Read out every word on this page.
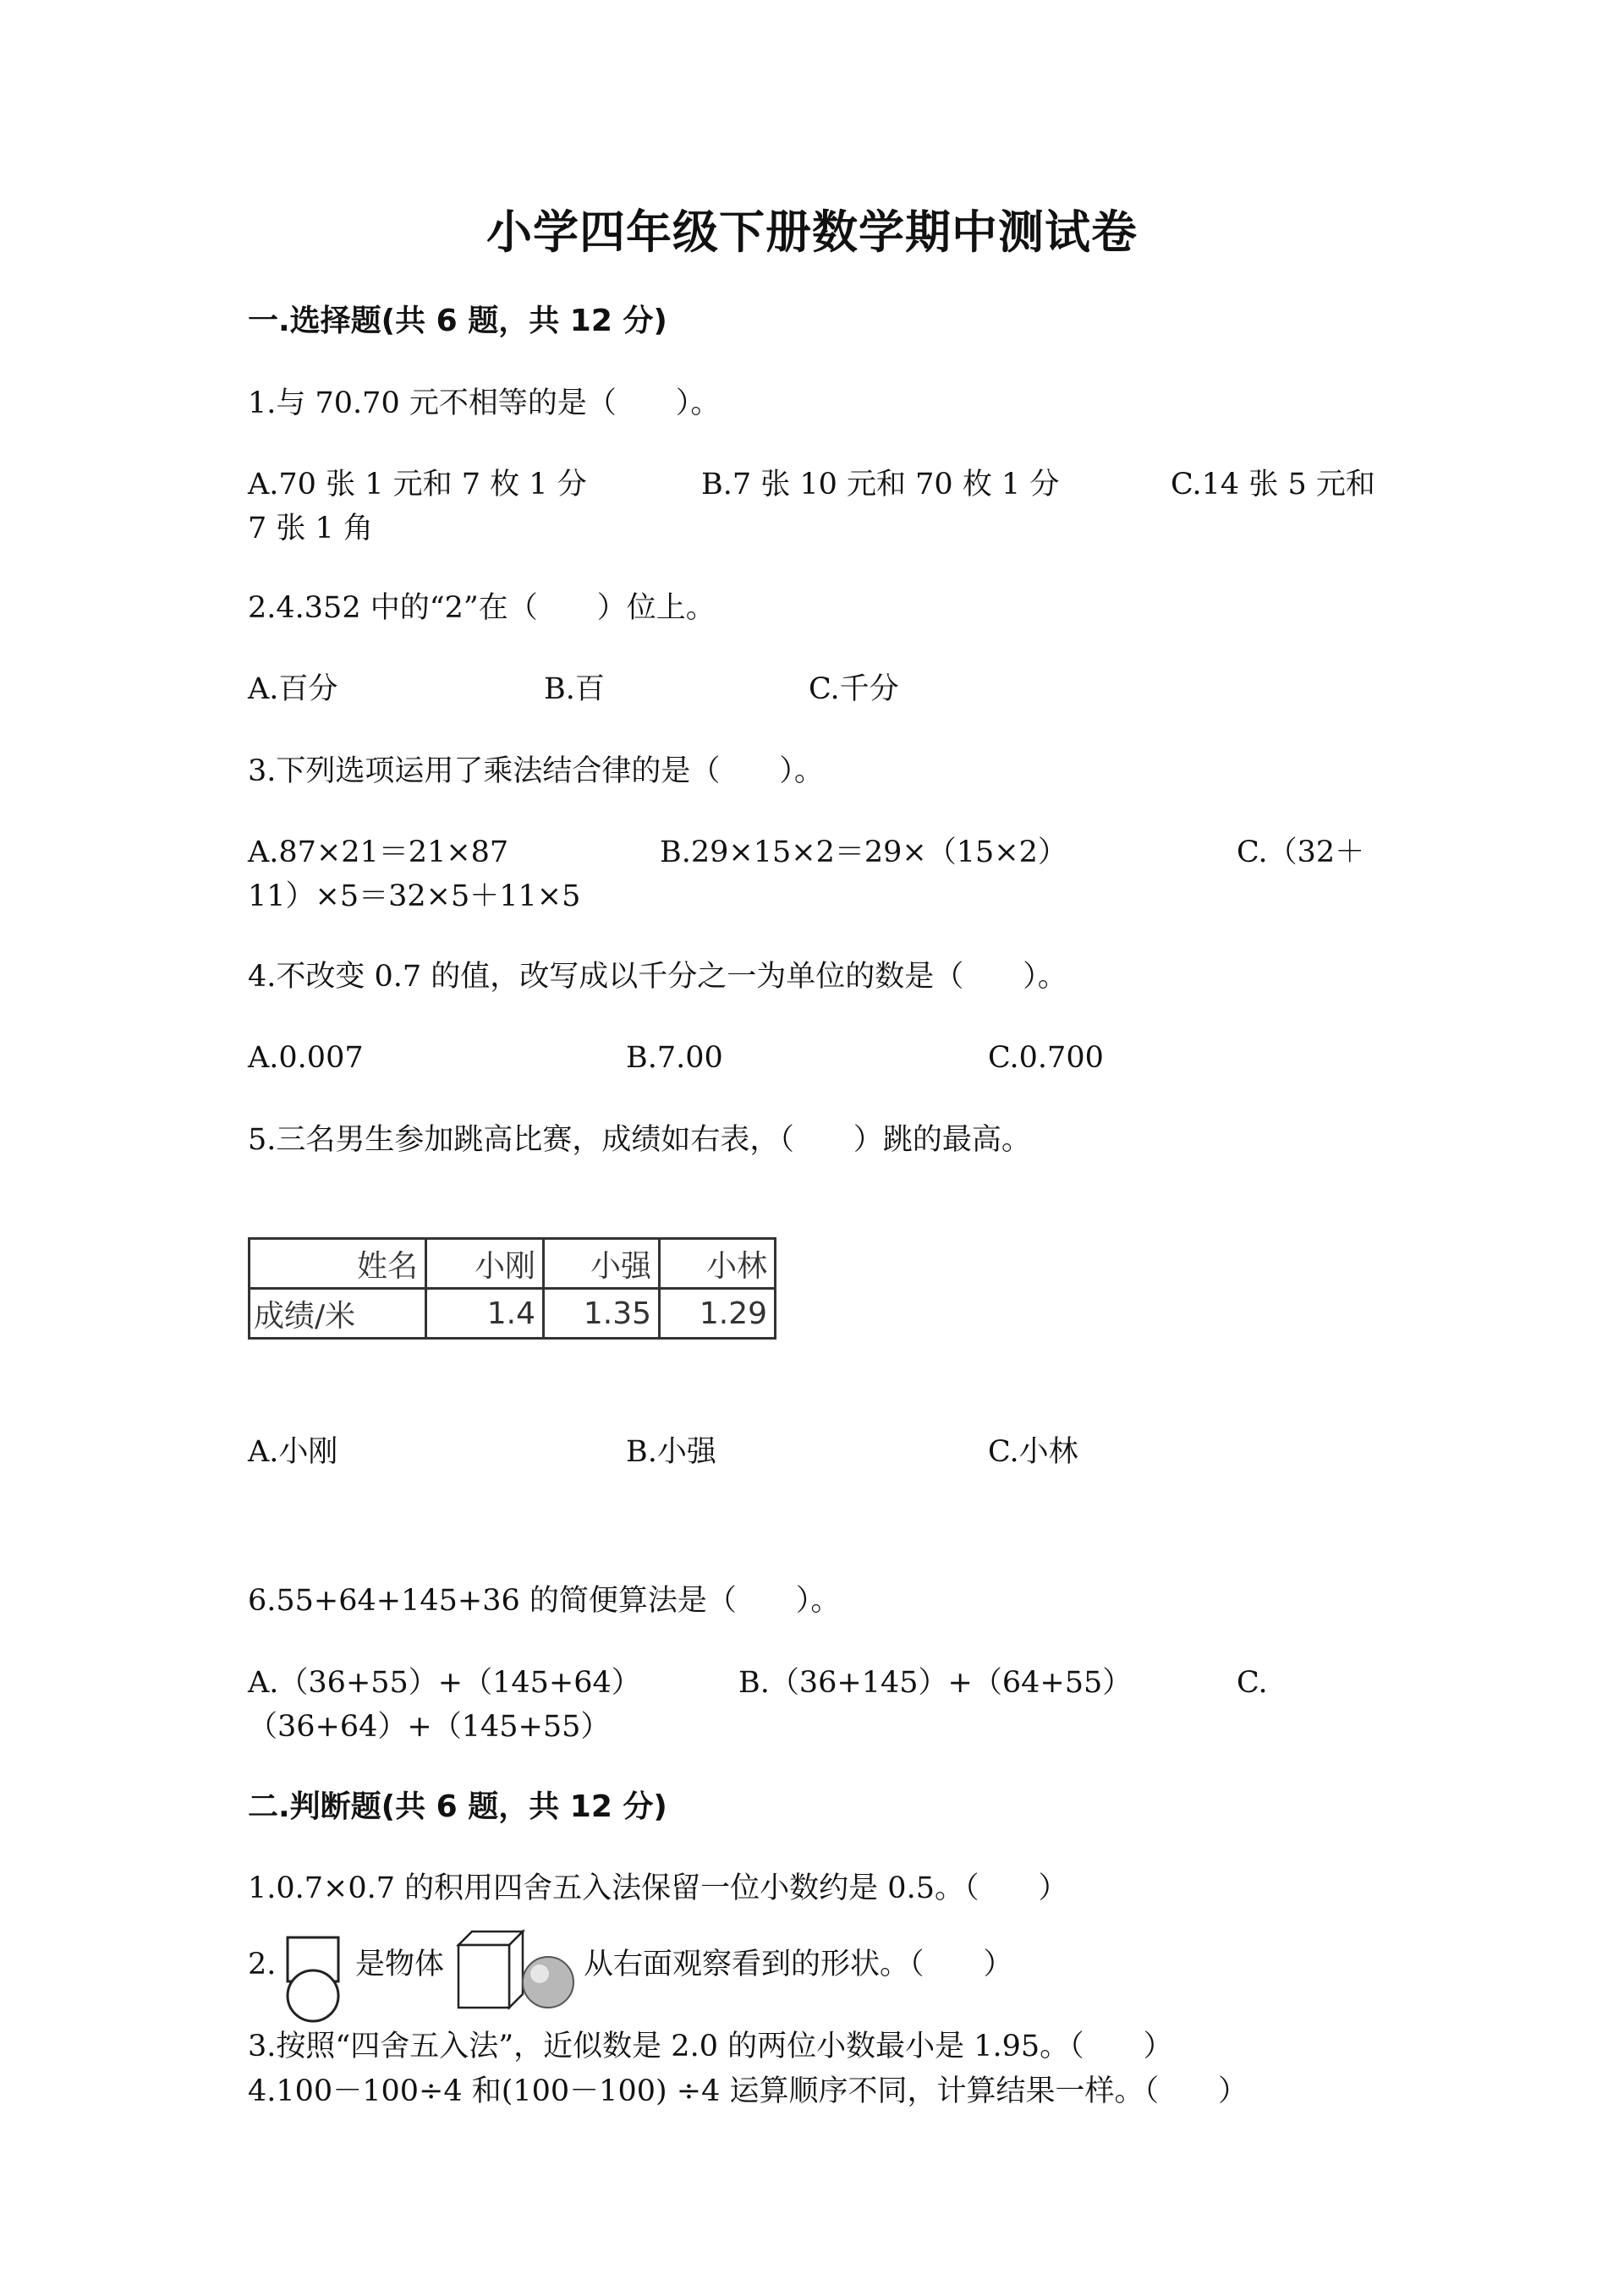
小学四年级下册数学期中测试卷
一.选择题(共 6 题，共 12 分)
1.与 70.70 元不相等的是（　　）。
A.70 张 1 元和 7 枚 1 分	B.7 张 10 元和 70 枚 1 分	C.14 张 5 元和
7 张 1 角
2.4.352 中的“2”在（　　）位上。
A.百分	B.百	C.千分
3.下列选项运用了乘法结合律的是（　　）。
A.87×21＝21×87	B.29×15×2＝29×（15×2）	C.（32＋
11）×5＝32×5＋11×5
4.不改变 0.7 的值，改写成以千分之一为单位的数是（　　）。
A.0.007	B.7.00	C.0.700
5.三名男生参加跳高比赛，成绩如右表，（　　）跳的最高。
姓名	小刚	小强	小林
成绩/米	1.4	1.35	1.29
A.小刚	B.小强	C.小林
6.55+64+145+36 的简便算法是（　　）。
A.（36+55）+（145+64）	B.（36+145）+（64+55）	C.
（36+64）+（145+55）
二.判断题(共 6 题，共 12 分)
1.0.7×0.7 的积用四舍五入法保留一位小数约是 0.5。（　　）
2.	是物体	从右面观察看到的形状。（　　）
3.按照“四舍五入法”，近似数是 2.0 的两位小数最小是 1.95。（　　）
4.100－100÷4 和(100－100) ÷4 运算顺序不同，计算结果一样。（　　）
